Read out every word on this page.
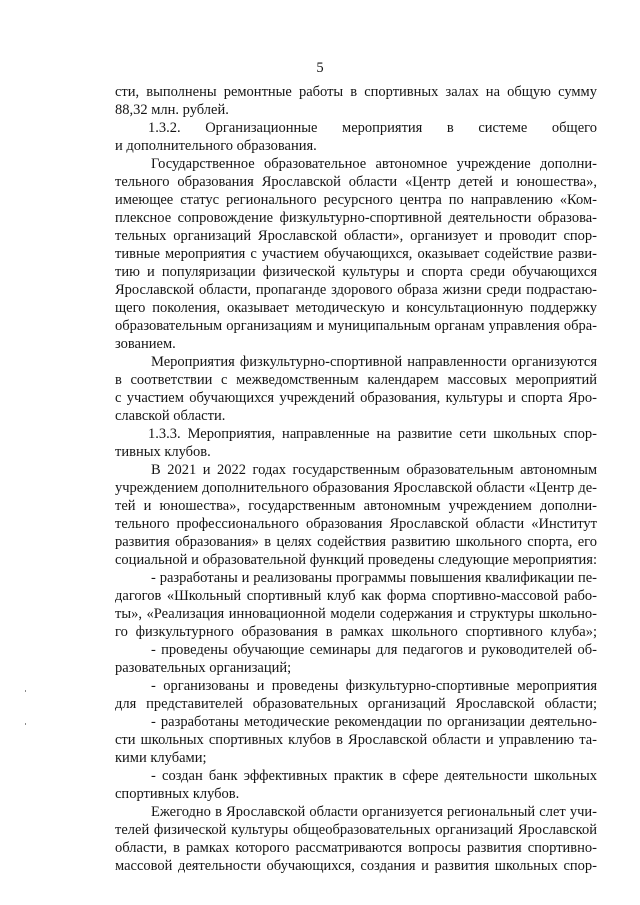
5
сти, выполнены ремонтные работы в спортивных залах на общую сумму
88,32 млн. рублей.
1.3.2. Организационные мероприятия в системе общего
и дополнительного образования.
Государственное образовательное автономное учреждение дополни-
тельного образования Ярославской области «Центр детей и юношества»,
имеющее статус регионального ресурсного центра по направлению «Ком-
плексное сопровождение физкультурно-спортивной деятельности образова-
тельных организаций Ярославской области», организует и проводит спор-
тивные мероприятия с участием обучающихся, оказывает содействие разви-
тию и популяризации физической культуры и спорта среди обучающихся
Ярославской области, пропаганде здорового образа жизни среди подрастаю-
щего поколения, оказывает методическую и консультационную поддержку
образовательным организациям и муниципальным органам управления обра-
зованием.
Мероприятия физкультурно-спортивной направленности организуются
в соответствии с межведомственным календарем массовых мероприятий
с участием обучающихся учреждений образования, культуры и спорта Яро-
славской области.
1.3.3. Мероприятия, направленные на развитие сети школьных спор-
тивных клубов.
В 2021 и 2022 годах государственным образовательным автономным
учреждением дополнительного образования Ярославской области «Центр де-
тей и юношества», государственным автономным учреждением дополни-
тельного профессионального образования Ярославской области «Институт
развития образования» в целях содействия развитию школьного спорта, его
социальной и образовательной функций проведены следующие мероприятия:
- разработаны и реализованы программы повышения квалификации пе-
дагогов «Школьный спортивный клуб как форма спортивно-массовой рабо-
ты», «Реализация инновационной модели содержания и структуры школьно-
го физкультурного образования в рамках школьного спортивного клуба»;
- проведены обучающие семинары для педагогов и руководителей об-
разовательных организаций;
- организованы и проведены физкультурно-спортивные мероприятия
для представителей образовательных организаций Ярославской области;
- разработаны методические рекомендации по организации деятельно-
сти школьных спортивных клубов в Ярославской области и управлению та-
кими клубами;
- создан банк эффективных практик в сфере деятельности школьных
спортивных клубов.
Ежегодно в Ярославской области организуется региональный слет учи-
телей физической культуры общеобразовательных организаций Ярославской
области, в рамках которого рассматриваются вопросы развития спортивно-
массовой деятельности обучающихся, создания и развития школьных спор-
